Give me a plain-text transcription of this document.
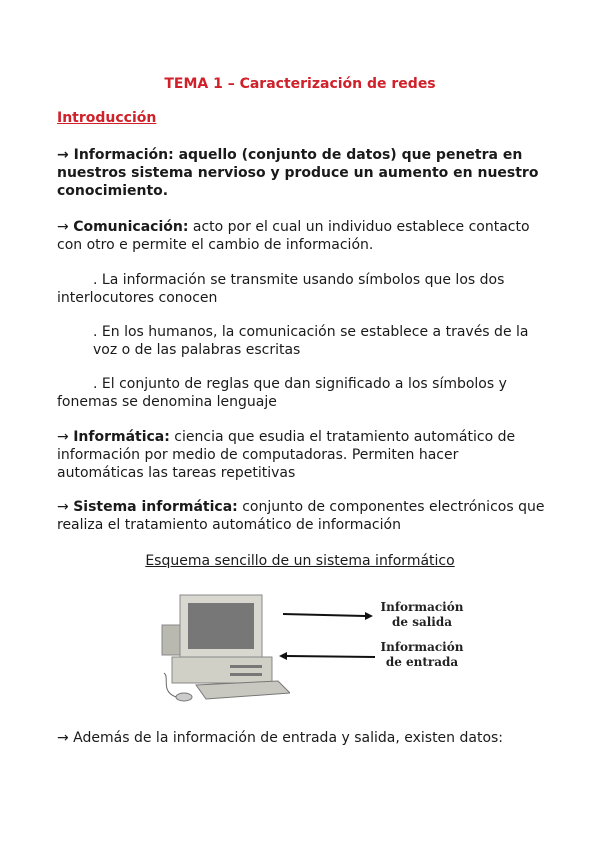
TEMA 1 – Caracterización de redes
Introducción
→ Información: aquello (conjunto de datos) que penetra en nuestros sistema nervioso y produce un aumento en nuestro conocimiento.
→ Comunicación: acto por el cual un individuo establece contacto con otro e permite el cambio de información.
. La información se transmite usando símbolos que los dos
interlocutores conocen
. En los humanos, la comunicación se establece a través de la voz o de las palabras escritas
. El conjunto de reglas que dan significado a los símbolos y
fonemas se denomina lenguaje
→ Informática: ciencia que esudia el tratamiento automático de información por medio de computadoras. Permiten hacer automáticas las tareas repetitivas
→ Sistema informática: conjunto de componentes electrónicos que realiza el tratamiento automático de información
Esquema sencillo de un sistema informático
Información
de salida
Información
de entrada
→ Además de la información de entrada y salida, existen datos:
